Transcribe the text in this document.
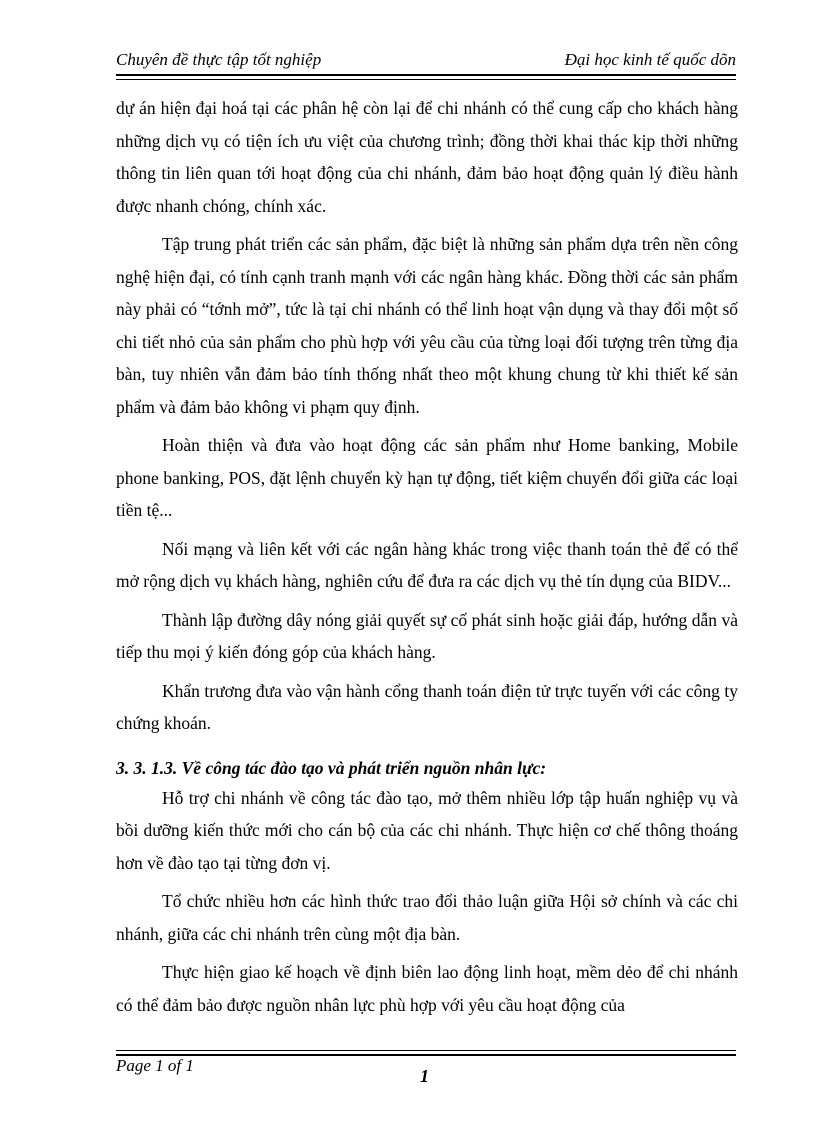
Chuyên đề thực tập tốt nghiệp	Đại học kinh tế quốc dõn

dự án hiện đại hoá tại các phân hệ còn lại để chi nhánh có thể cung cấp cho khách hàng những dịch vụ có tiện ích ưu việt của chương trình; đồng thời khai thác kịp thời những thông tin liên quan tới hoạt động của chi nhánh, đảm bảo hoạt động quản lý điều hành được nhanh chóng, chính xác.

Tập trung phát triển các sản phẩm, đặc biệt là những sản phẩm dựa trên nền công nghệ hiện đại, có tính cạnh tranh mạnh với các ngân hàng khác. Đồng thời các sản phẩm này phải có “tớnh mở”, tức là tại chi nhánh có thể linh hoạt vận dụng và thay đổi một số chi tiết nhỏ của sản phẩm cho phù hợp với yêu cầu của từng loại đối tượng trên từng địa bàn, tuy nhiên vẫn đảm bảo tính thống nhất theo một khung chung từ khi thiết kế sản phẩm và đảm bảo không vi phạm quy định.

Hoàn thiện và đưa vào hoạt động các sản phẩm như Home banking, Mobile phone banking, POS, đặt lệnh chuyển kỳ hạn tự động, tiết kiệm chuyển đổi giữa các loại tiền tệ...

Nối mạng và liên kết với các ngân hàng khác trong việc thanh toán thẻ để có thể mở rộng dịch vụ khách hàng, nghiên cứu để đưa ra các dịch vụ thẻ tín dụng của BIDV...

Thành lập đường dây nóng giải quyết sự cố phát sinh hoặc giải đáp, hướng dẫn và tiếp thu mọi ý kiến đóng góp của khách hàng.

Khẩn trương đưa vào vận hành cổng thanh toán điện tử trực tuyến với các công ty chứng khoán.

3. 3. 1.3. Về công tác đào tạo và phát triển nguồn nhân lực:

Hỗ trợ chi nhánh về công tác đào tạo, mở thêm nhiều lớp tập huấn nghiệp vụ và bồi dưỡng kiến thức mới cho cán bộ của các chi nhánh. Thực hiện cơ chế thông thoáng hơn về đào tạo tại từng đơn vị.

Tổ chức nhiều hơn các hình thức trao đổi thảo luận giữa Hội sở chính và các chi nhánh, giữa các chi nhánh trên cùng một địa bàn.

Thực hiện giao kế hoạch về định biên lao động linh hoạt, mềm dẻo để chi nhánh có thể đảm bảo được nguồn nhân lực phù hợp với yêu cầu hoạt động của

Page 1 of 1
1
